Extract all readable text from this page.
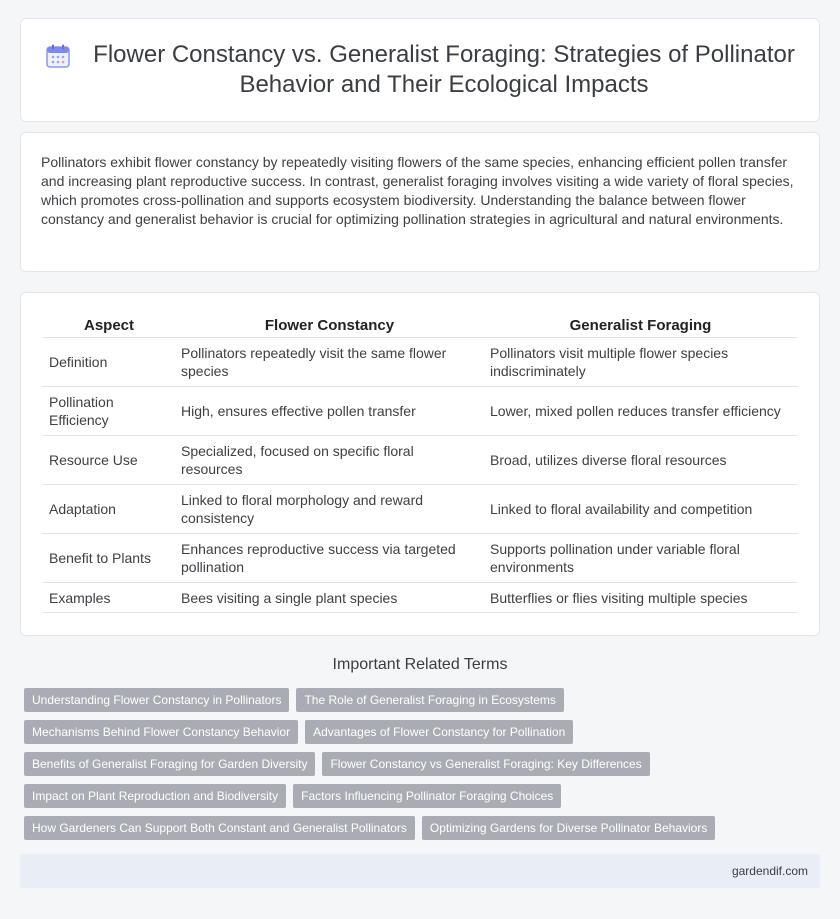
Flower Constancy vs. Generalist Foraging: Strategies of Pollinator Behavior and Their Ecological Impacts

Pollinators exhibit flower constancy by repeatedly visiting flowers of the same species, enhancing efficient pollen transfer and increasing plant reproductive success. In contrast, generalist foraging involves visiting a wide variety of floral species, which promotes cross-pollination and supports ecosystem biodiversity. Understanding the balance between flower constancy and generalist behavior is crucial for optimizing pollination strategies in agricultural and natural environments.

Aspect	Flower Constancy	Generalist Foraging
Definition	Pollinators repeatedly visit the same flower species	Pollinators visit multiple flower species indiscriminately
Pollination Efficiency	High, ensures effective pollen transfer	Lower, mixed pollen reduces transfer efficiency
Resource Use	Specialized, focused on specific floral resources	Broad, utilizes diverse floral resources
Adaptation	Linked to floral morphology and reward consistency	Linked to floral availability and competition
Benefit to Plants	Enhances reproductive success via targeted pollination	Supports pollination under variable floral environments
Examples	Bees visiting a single plant species	Butterflies or flies visiting multiple species
Important Related Terms
Understanding Flower Constancy in Pollinators	The Role of Generalist Foraging in Ecosystems
Mechanisms Behind Flower Constancy Behavior	Advantages of Flower Constancy for Pollination
Benefits of Generalist Foraging for Garden Diversity	Flower Constancy vs Generalist Foraging: Key Differences
Impact on Plant Reproduction and Biodiversity	Factors Influencing Pollinator Foraging Choices
How Gardeners Can Support Both Constant and Generalist Pollinators	Optimizing Gardens for Diverse Pollinator Behaviors
gardendif.com
